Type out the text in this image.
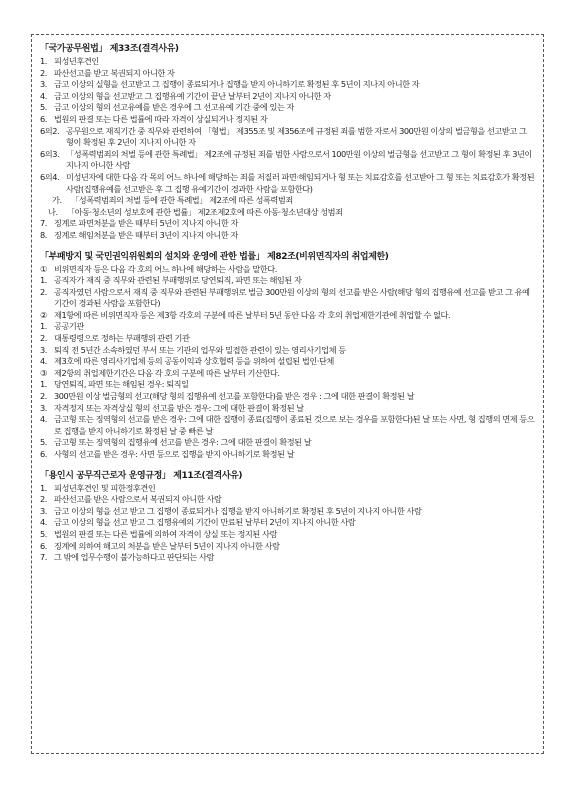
「국가공무원법」 제33조(결격사유)
1. 피성년후견인
2. 파산선고를 받고 복권되지 아니한 자
3. 금고 이상의 실형을 선고받고 그 집행이 종료되거나 집행을 받지 아니하기로 확정된 후 5년이 지나지 아니한 자
4. 금고 이상의 형을 선고받고 그 집행유예 기간이 끝난 날부터 2년이 지나지 아니한 자
5. 금고 이상의 형의 선고유예를 받은 경우에 그 선고유예 기간 중에 있는 자
6. 법원의 판결 또는 다른 법률에 따라 자격이 상실되거나 정지된 자
6의2. 공무원으로 재직기간 중 직무와 관련하여 「형법」 제355조 및 제356조에 규정된 죄를 범한 자로서 300만원 이상의 벌금형을 선고받고 그 형이 확정된 후 2년이 지나지 아니한 자
6의3. 「성폭력범죄의 처벌 등에 관한 특례법」 제2조에 규정된 죄를 범한 사람으로서 100만원 이상의 벌금형을 선고받고 그 형이 확정된 후 3년이 지나지 아니한 사람
6의4. 미성년자에 대한 다음 각 목의 어느 하나에 해당하는 죄를 저질러 파면·해임되거나 형 또는 치료감호를 선고받아 그 형 또는 치료감호가 확정된 사람(집행유예를 선고받은 후 그 집행 유예기간이 경과한 사람을 포함한다)
가.	「성폭력범죄의 처벌 등에 관한 특례법」 제2조에 따른 성폭력범죄
나.	「아동·청소년의 성보호에 관한 법률」 제2조제2호에 따른 아동·청소년대상 성범죄
7. 징계로 파면처분을 받은 때부터 5년이 지나지 아니한 자
8. 징계로 해임처분을 받은 때부터 3년이 지나지 아니한 자
「부패방지 및 국민권익위원회의 설치와 운영에 관한 법률」 제82조(비위면직자의 취업제한)
① 비위면직자 등은 다음 각 호의 어느 하나에 해당하는 사람을 말한다.
1. 공직자가 재직 중 직무와 관련된 부패행위로 당연퇴직, 파면 또는 해임된 자
2. 공직자였던 사람으로서 재직 중 직무와 관련된 부패행위로 벌금 300만원 이상의 형의 선고를 받은 사람(해당 형의 집행유예 선고를 받고 그 유예기간이 경과된 사람을 포함한다)
② 제1항에 따른 비위면직자 등은 제3항 각호의 구분에 따른 날부터 5년 동안 다음 각 호의 취업제한기관에 취업할 수 없다.
1. 공공기관
2. 대통령령으로 정하는 부패행위 관련 기관
3. 퇴직 전 5년간 소속하였던 부서 또는 기관의 업무와 밀접한 관련이 있는 영리사기업체 등
4. 제3호에 따른 영리사기업체 등의 공동이익과 상호협력 등을 위하여 설립된 법인·단체
③ 제2항의 취업제한기간은 다음 각 호의 구분에 따른 날부터 기산한다.
1. 당연퇴직, 파면 또는 해임된 경우: 퇴직일
2. 300만원 이상 벌금형의 선고(해당 형의 집행유예 선고를 포함한다)를 받은 경우 : 그에 대한 판결이 확정된 날
3. 자격정지 또는 자격상실 형의 선고를 받은 경우: 그에 대한 판결이 확정된 날
4. 금고형 또는 징역형의 선고를 받은 경우: 그에 대한 집행이 종료(집행이 종료된 것으로 보는 경우를 포함한다)된 날 또는 사면, 형 집행의 면제 등으로 집행을 받지 아니하기로 확정된 날 중 빠른 날
5. 금고형 또는 징역형의 집행유예 선고를 받은 경우: 그에 대한 판결이 확정된 날
6. 사형의 선고를 받은 경우: 사면 등으로 집행을 받지 아니하기로 확정된 날
「용인시 공무직근로자 운영규정」 제11조(결격사유)
1. 피성년후견인 및 피한정후견인
2. 파산선고를 받은 사람으로서 복권되지 아니한 사람
3. 금고 이상의 형을 선고 받고 그 집행이 종료되거나 집행을 받지 아니하기로 확정된 후 5년이 지나지 아니한 사람
4. 금고 이상의 형을 선고 받고 그 집행유예의 기간이 만료된 날부터 2년이 지나지 아니한 사람
5. 법원의 판결 또는 다른 법률에 의하여 자격이 상실 또는 정지된 사람
6. 징계에 의하여 해고의 처분을 받은 날부터 5년이 지나지 아니한 사람
7. 그 밖에 업무수행이 불가능하다고 판단되는 사람
